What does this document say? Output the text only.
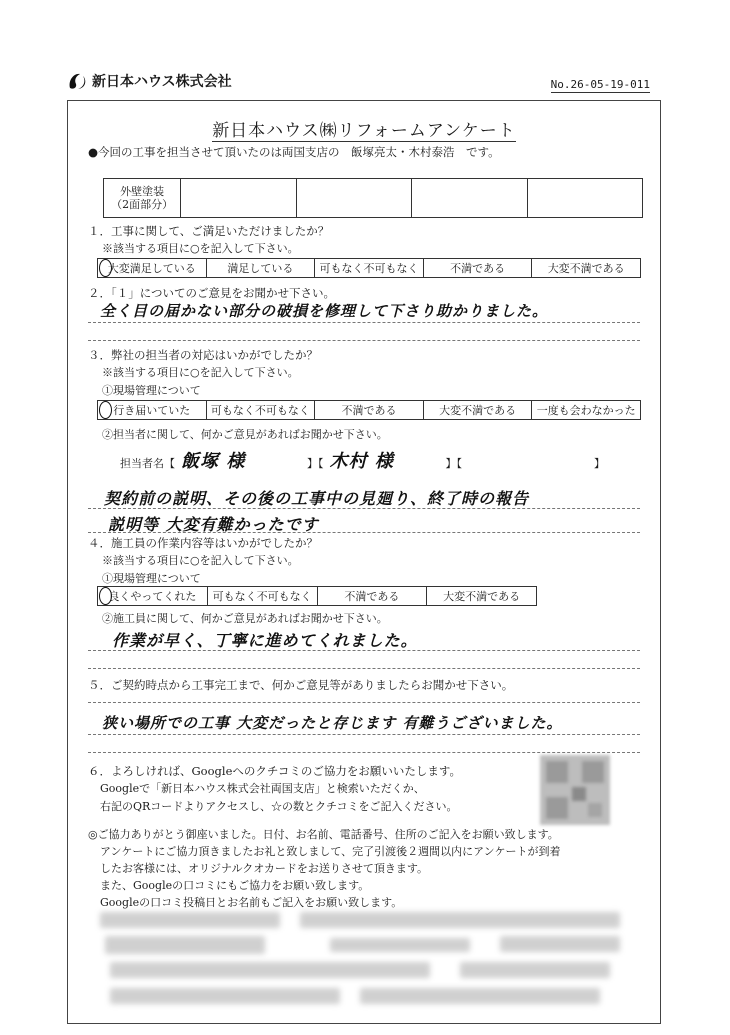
新日本ハウス株式会社	No.26-05-19-011
新日本ハウス㈱リフォームアンケート
●今回の工事を担当させて頂いたのは両国支店の　飯塚亮太・木村泰浩　です。
外壁塗装
（2面部分）

１．工事に関して、ご満足いただけましたか？
※該当する項目に○を記入して下さい。
大変満足している	満足している	可もなく不可もなく	不満である	大変不満である
２．「１」についてのご意見をお聞かせ下さい。
全く目の届かない部分の破損を修理して下さり助かりました。
３．弊社の担当者の対応はいかがでしたか？
※該当する項目に○を記入して下さい。
①現場管理について
行き届いていた	可もなく不可もなく	不満である	大変不満である	一度も会わなかった
②担当者に関して、何かご意見があればお聞かせ下さい。
担当者名【 飯塚 様	】【 木村 様	】【　　　　　　　　　　　　】
契約前の説明、その後の工事中の見廻り、終了時の報告
説明等 大変有難かったです
４．施工員の作業内容等はいかがでしたか？
※該当する項目に○を記入して下さい。
①現場管理について
良くやってくれた	可もなく不可もなく	不満である	大変不満である
②施工員に関して、何かご意見があればお聞かせ下さい。
作業が早く、丁寧に進めてくれました。
５．ご契約時点から工事完工まで、何かご意見等がありましたらお聞かせ下さい。
狭い場所での工事 大変だったと存じます 有難うございました。
６．よろしければ、Googleへのクチコミのご協力をお願いいたします。
Googleで「新日本ハウス株式会社両国支店」と検索いただくか、
右記のQRコードよりアクセスし、☆の数とクチコミをご記入ください。
◎ご協力ありがとう御座いました。日付、お名前、電話番号、住所のご記入をお願い致します。
アンケートにご協力頂きましたお礼と致しまして、完了引渡後２週間以内にアンケートが到着
したお客様には、オリジナルクオカードをお送りさせて頂きます。
また、Googleの口コミにもご協力をお願い致します。
Googleの口コミ投稿日とお名前もご記入をお願い致します。
